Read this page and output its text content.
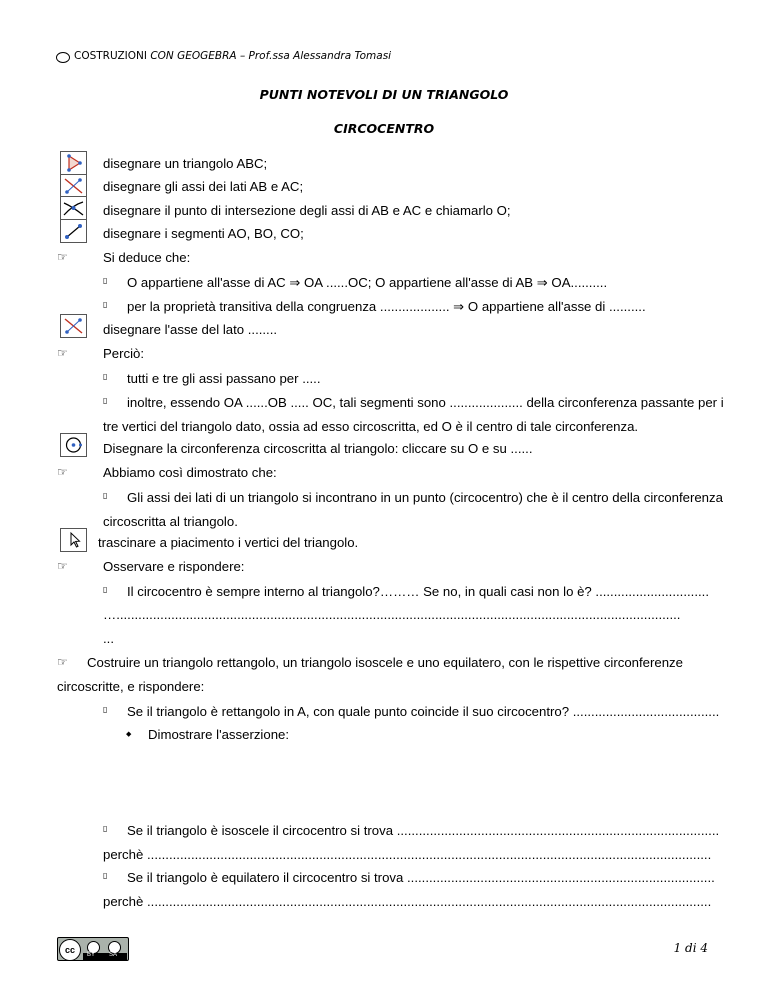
COSTRUZIONI CON GEOGEBRA – Prof.ssa Alessandra Tomasi
PUNTI NOTEVOLI DI UN TRIANGOLO
CIRCOCENTRO
disegnare un triangolo ABC;
disegnare gli assi dei lati AB e AC;
disegnare il punto di intersezione degli assi di AB e AC e chiamarlo O;
disegnare i segmenti AO, BO, CO;
☞	Si deduce che:
▯ O appartiene all'asse di AC ⇒ OA ......OC; O appartiene all'asse di AB ⇒ OA..........
▯ per la proprietà transitiva della congruenza ................... ⇒ O appartiene all'asse di ..........
disegnare l'asse del lato ........
☞	Perciò:
▯ tutti e tre gli assi passano per .....
▯ inoltre, essendo OA ......OB ..... OC, tali segmenti sono .................... della circonferenza passante per i
tre vertici del triangolo dato, ossia ad esso circoscritta, ed O è il centro di tale circonferenza.
Disegnare la circonferenza circoscritta al triangolo: cliccare su O e su ......
☞	Abbiamo così dimostrato che:
▯ Gli assi dei lati di un triangolo si incontrano in un punto (circocentro) che è il centro della circonferenza
circoscritta al triangolo.
trascinare a piacimento i vertici del triangolo.
☞	Osservare e rispondere:
▯ Il circocentro è sempre interno al triangolo?……… Se no, in quali casi non lo è? ...............................
…..........................................................................................................................................................
...
☞ Costruire un triangolo rettangolo, un triangolo isoscele e uno equilatero, con le rispettive circonferenze
circoscritte, e rispondere:
▯ Se il triangolo è rettangolo in A, con quale punto coincide il suo circocentro? ........................................
◆ Dimostrare l'asserzione:
▯ Se il triangolo è isoscele il circocentro si trova ........................................................................................
perchè ..........................................................................................................................................................
▯ Se il triangolo è equilatero il circocentro si trova ....................................................................................
perchè ..........................................................................................................................................................
cc	BY SA	1 di 4
